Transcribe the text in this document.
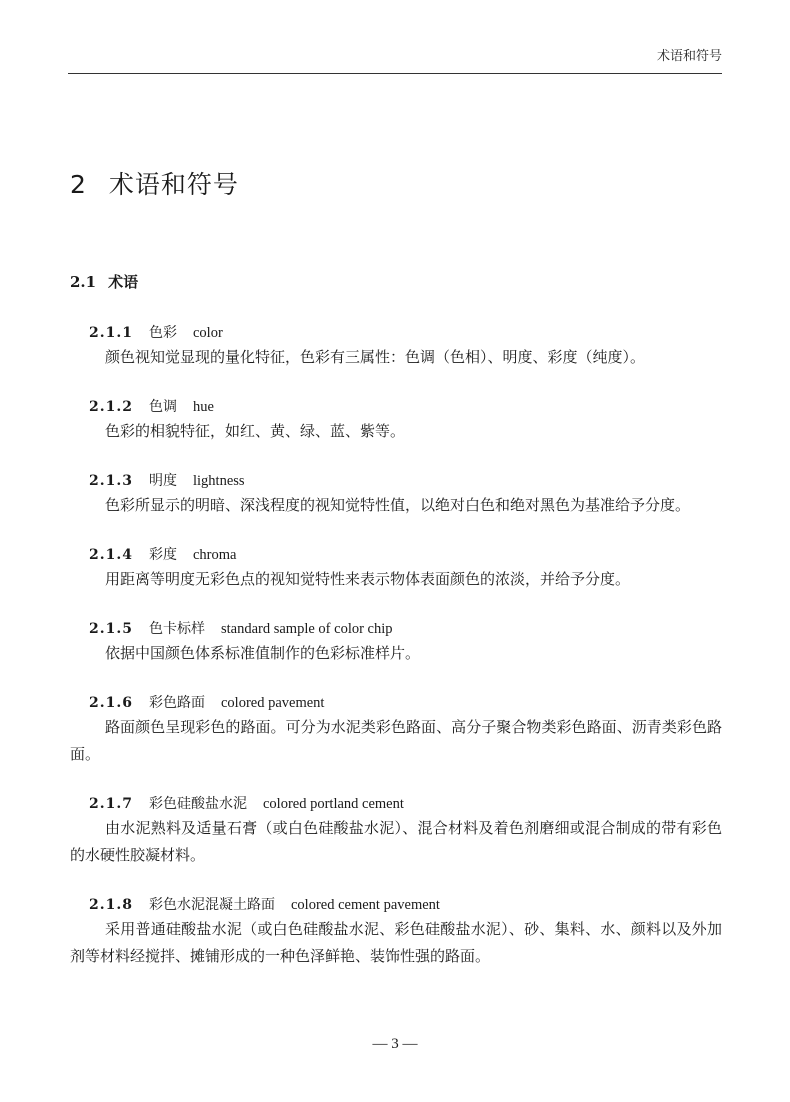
术语和符号
2 术语和符号
2.1 术语
2.1.1 色彩 color
颜色视知觉显现的量化特征，色彩有三属性：色调（色相）、明度、彩度（纯度）。
2.1.2 色调 hue
色彩的相貌特征，如红、黄、绿、蓝、紫等。
2.1.3 明度 lightness
色彩所显示的明暗、深浅程度的视知觉特性值，以绝对白色和绝对黑色为基准给予分度。
2.1.4 彩度 chroma
用距离等明度无彩色点的视知觉特性来表示物体表面颜色的浓淡，并给予分度。
2.1.5 色卡标样 standard sample of color chip
依据中国颜色体系标准值制作的色彩标准样片。
2.1.6 彩色路面 colored pavement
路面颜色呈现彩色的路面。可分为水泥类彩色路面、高分子聚合物类彩色路面、沥青类彩色路面。
2.1.7 彩色硅酸盐水泥 colored portland cement
由水泥熟料及适量石膏（或白色硅酸盐水泥）、混合材料及着色剂磨细或混合制成的带有彩色的水硬性胶凝材料。
2.1.8 彩色水泥混凝土路面 colored cement pavement
采用普通硅酸盐水泥（或白色硅酸盐水泥、彩色硅酸盐水泥）、砂、集料、水、颜料以及外加剂等材料经搅拌、摊铺形成的一种色泽鲜艳、装饰性强的路面。
— 3 —
